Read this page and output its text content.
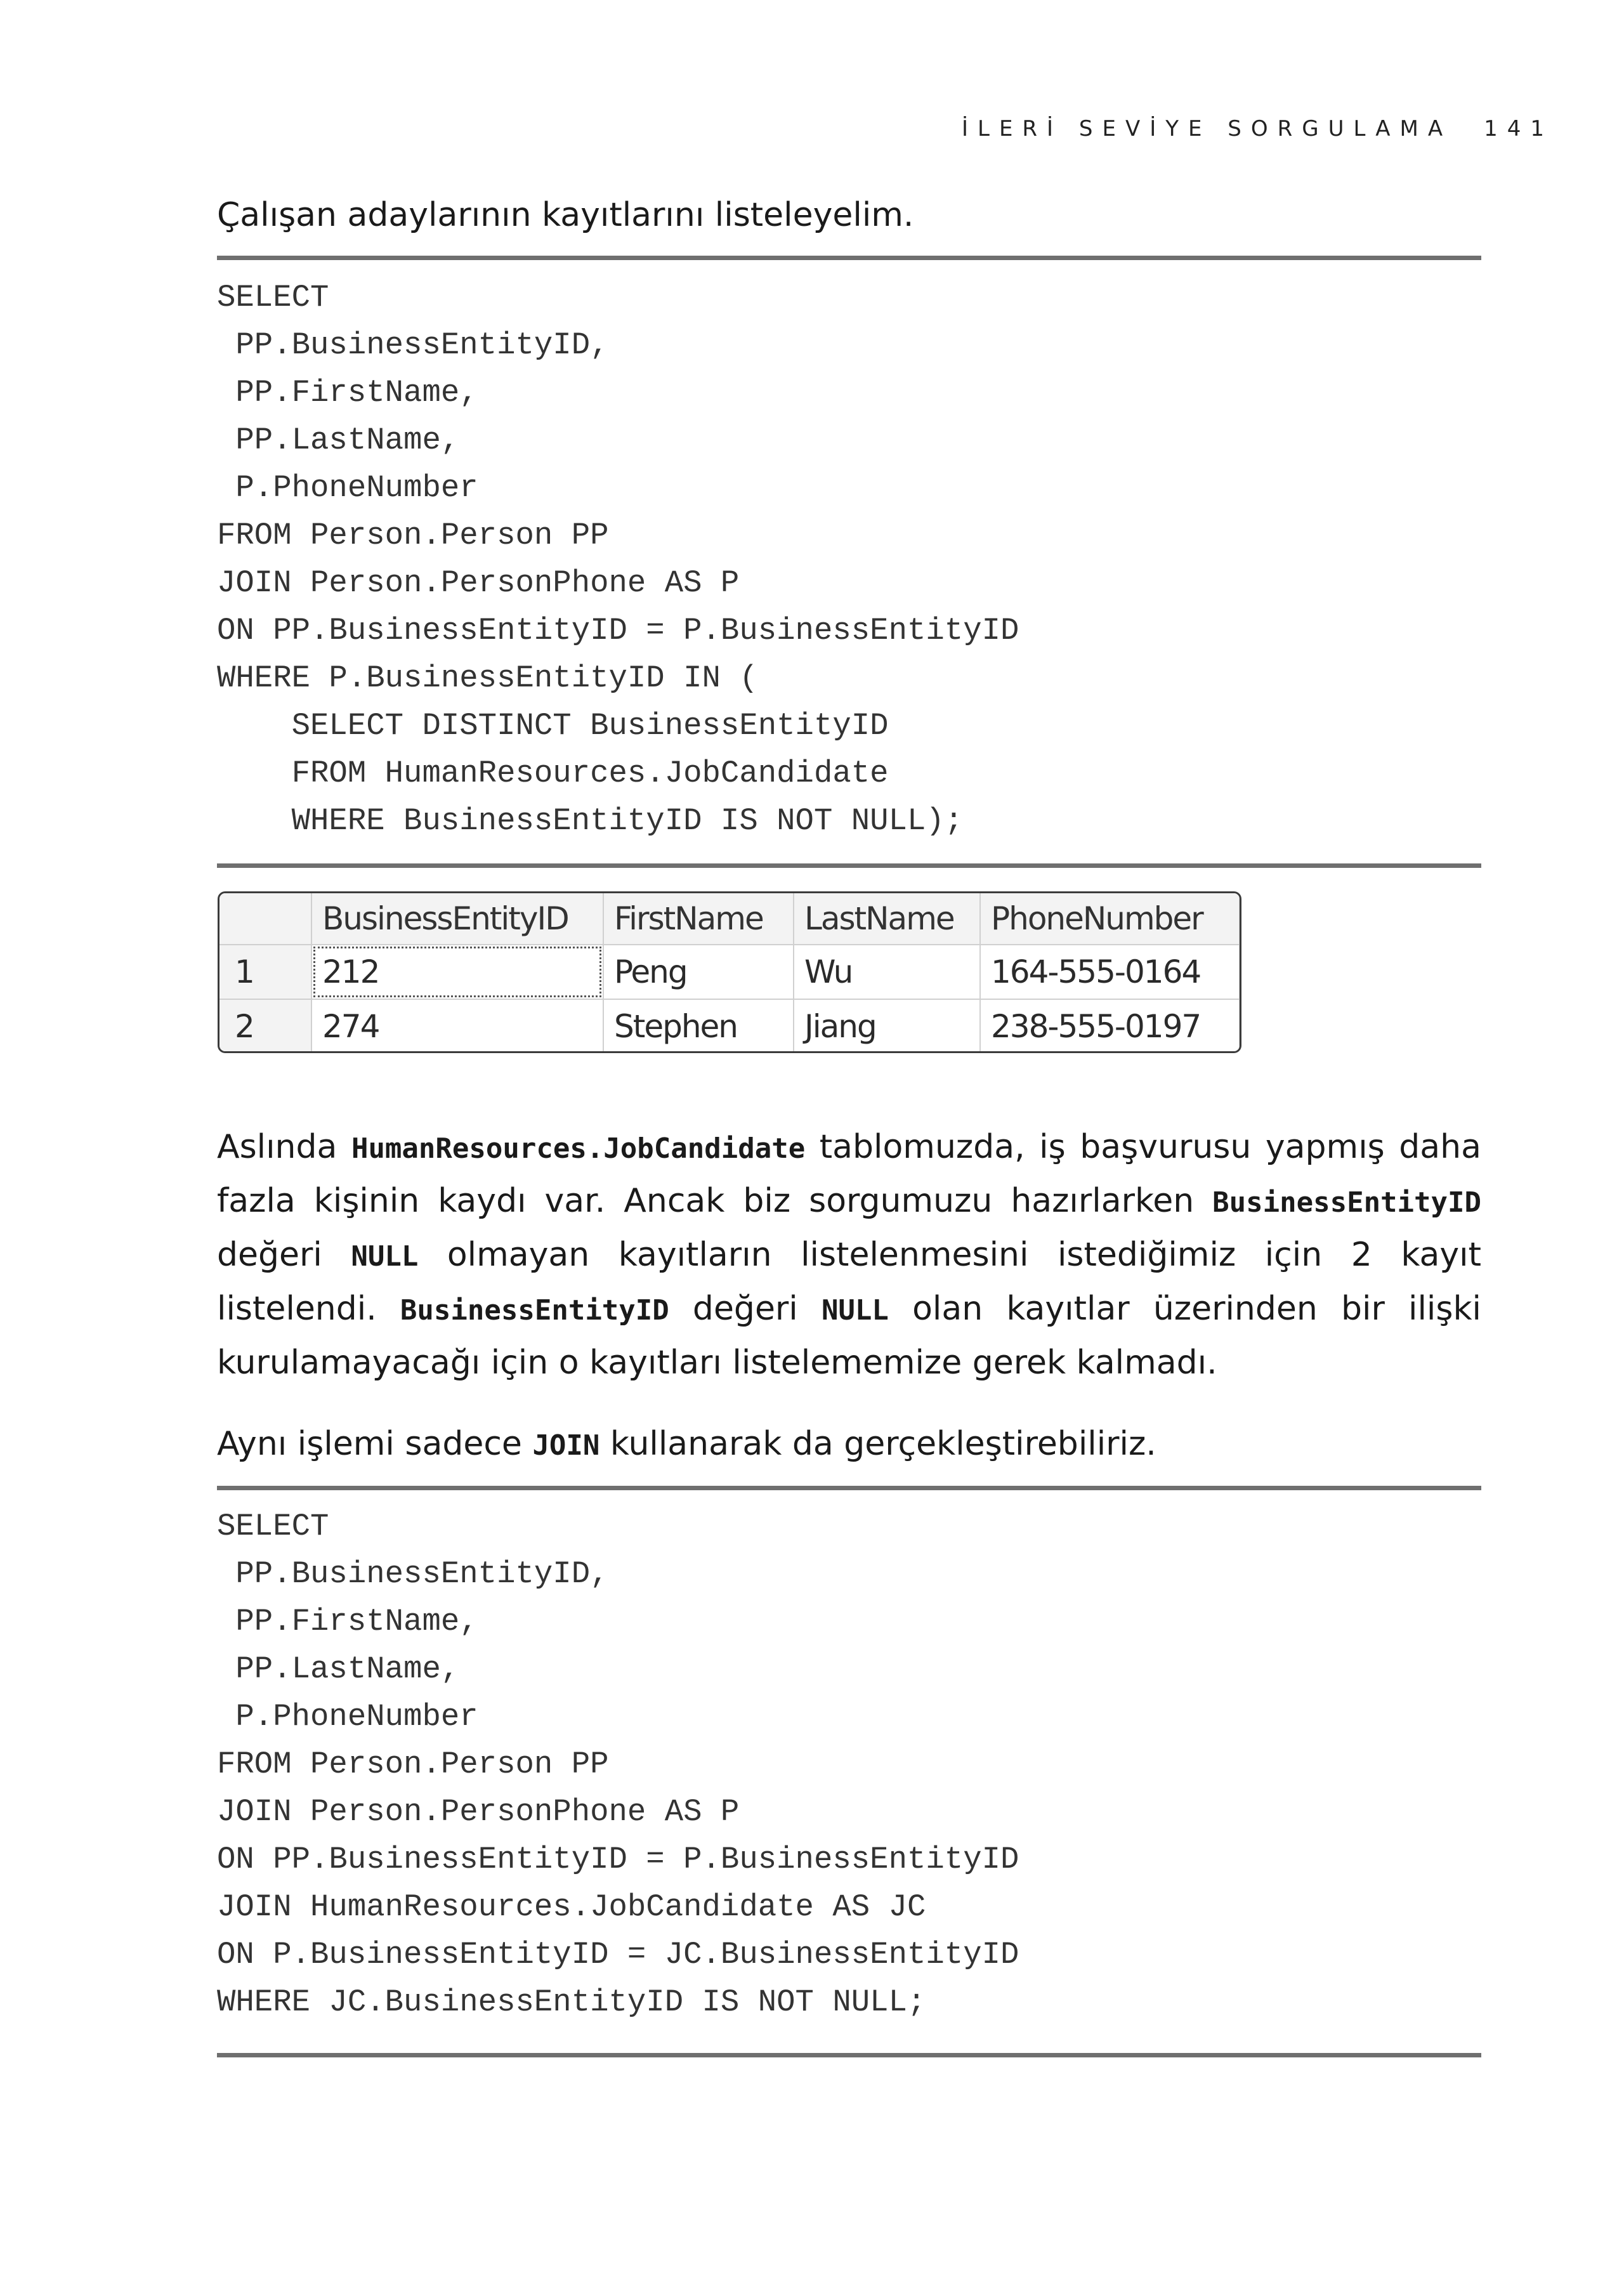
İLERİ SEVİYE SORGULAMA 141

Çalışan adaylarının kayıtlarını listeleyelim.

SELECT
PP.BusinessEntityID,
PP.FirstName,
PP.LastName,
P.PhoneNumber
FROM Person.Person PP
JOIN Person.PersonPhone AS P
ON PP.BusinessEntityID = P.BusinessEntityID
WHERE P.BusinessEntityID IN (
SELECT DISTINCT BusinessEntityID
FROM HumanResources.JobCandidate
WHERE BusinessEntityID IS NOT NULL);
	BusinessEntityID	FirstName	LastName	PhoneNumber
1	212	Peng	Wu	164-555-0164
2	274	Stephen	Jiang	238-555-0197

Aslında HumanResources.JobCandidate tablomuzda, iş başvurusu yapmış daha fazla kişinin kaydı var. Ancak biz sorgumuzu hazırlarken BusinessEntityID değeri NULL olmayan kayıtların listelenmesini istediğimiz için 2 kayıt listelendi. BusinessEntityID değeri NULL olan kayıtlar üzerinden bir ilişki kurulamayacağı için o kayıtları listelememize gerek kalmadı.

Aynı işlemi sadece JOIN kullanarak da gerçekleştirebiliriz.

SELECT
PP.BusinessEntityID,
PP.FirstName,
PP.LastName,
P.PhoneNumber
FROM Person.Person PP
JOIN Person.PersonPhone AS P
ON PP.BusinessEntityID = P.BusinessEntityID
JOIN HumanResources.JobCandidate AS JC
ON P.BusinessEntityID = JC.BusinessEntityID
WHERE JC.BusinessEntityID IS NOT NULL;
